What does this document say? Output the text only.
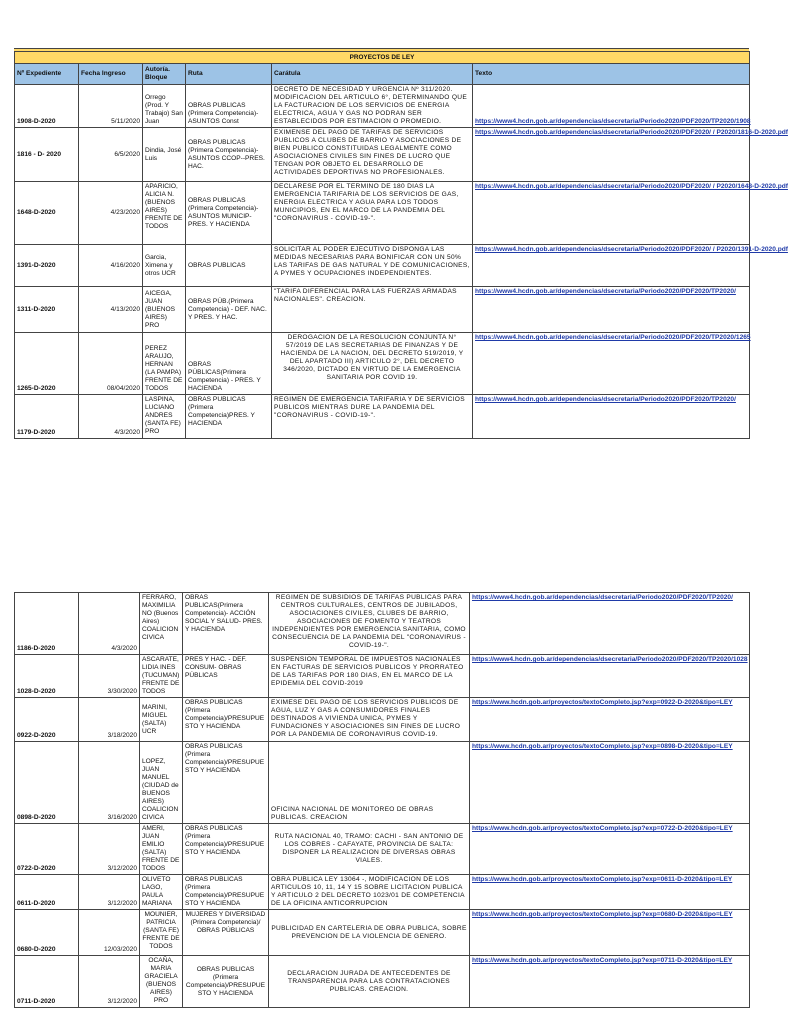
PROYECTOS DE LEY					
Nº Expediente	Fecha Ingreso	Autoría. Bloque	Ruta	Carátula	Texto
1908-D-2020	5/11/2020	Orrego (Prod. Y Trabajo) San Juan	OBRAS PUBLICAS (Primera Competencia)-ASUNTOS Const	DECRETO DE NECESIDAD Y URGENCIA Nº 311/2020. MODIFICACION DEL ARTICULO 6°, DETERMINANDO QUE LA FACTURACION DE LOS SERVICIOS DE ENERGIA ELECTRICA, AGUA Y GAS NO PODRAN SER ESTABLECIDOS POR ESTIMACION O PROMEDIO.	https://www4.hcdn.gob.ar/dependencias/dsecretaria/Periodo2020/PDF2020/TP2020/1908
1816 - D- 2020	6/5/2020	Dindia, José Luis	OBRAS PUBLICAS (Primera Competencia)-ASUNTOS CCOP--PRES. HAC.	EXIMENSE DEL PAGO DE TARIFAS DE SERVICIOS PUBLICOS A CLUBES DE BARRIO Y ASOCIACIONES DE BIEN PUBLICO CONSTITUIDAS LEGALMENTE COMO ASOCIACIONES CIVILES SIN FINES DE LUCRO QUE TENGAN POR OBJETO EL DESARROLLO DE ACTIVIDADES DEPORTIVAS NO PROFESIONALES.	https://www4.hcdn.gob.ar/dependencias/dsecretaria/Periodo2020/PDF2020/ / P2020/1816-D-2020.pdf
1648-D-2020	4/23/2020	APARICIO, ALICIA N. (BUENOS AIRES) FRENTE DE TODOS	OBRAS PUBLICAS (Primera Competencia)-ASUNTOS MUNICIP-PRES. Y HACIENDA	DECLARESE POR EL TERMINO DE 180 DIAS LA EMERGENCIA TARIFARIA DE LOS SERVICIOS DE GAS, ENERGIA ELECTRICA Y AGUA PARA LOS TODOS MUNICIPIOS, EN EL MARCO DE LA PANDEMIA DEL "CORONAVIRUS - COVID-19-".	https://www4.hcdn.gob.ar/dependencias/dsecretaria/Periodo2020/PDF2020/ / P2020/1648-D-2020.pdf
1391-D-2020	4/16/2020	Garcia, Ximena y otros UCR	OBRAS PUBLICAS	SOLICITAR AL PODER EJECUTIVO DISPONGA LAS MEDIDAS NECESARIAS PARA BONIFICAR CON UN 50% LAS TARIFAS DE GAS NATURAL Y DE COMUNICACIONES, A PYMES Y OCUPACIONES INDEPENDIENTES.	https://www4.hcdn.gob.ar/dependencias/dsecretaria/Periodo2020/PDF2020/ / P2020/1391-D-2020.pdf
1311-D-2020	4/13/2020	AICEGA, JUAN (BUENOS AIRES) PRO	OBRAS PÚB.(Primera Competencia) - DEF. NAC. Y PRES. Y HAC.	"TARIFA DIFERENCIAL PARA LAS FUERZAS ARMADAS NACIONALES". CREACION.	https://www4.hcdn.gob.ar/dependencias/dsecretaria/Periodo2020/PDF2020/TP2020/
1265-D-2020	08/04/2020	PEREZ ARAUJO, HERNAN (LA PAMPA) FRENTE DE TODOS	OBRAS PÚBLICAS(Primera Competencia) - PRES. Y HACIENDA	DEROGACION DE LA RESOLUCION CONJUNTA N° 57/2019 DE LAS SECRETARIAS DE FINANZAS Y DE HACIENDA DE LA NACION, DEL DECRETO 519/2019, Y DEL APARTADO III) ARTICULO 2°, DEL DECRETO 346/2020, DICTADO EN VIRTUD DE LA EMERGENCIA SANITARIA POR COVID 19.	https://www4.hcdn.gob.ar/dependencias/dsecretaria/Periodo2020/PDF2020/TP2020/1265
1179-D-2020	4/3/2020	LASPINA, LUCIANO ANDRES (SANTA FE) PRO	OBRAS PUBLICAS (Primera Competencia)PRES. Y HACIENDA	REGIMEN DE EMERGENCIA TARIFARIA Y DE SERVICIOS PUBLICOS MIENTRAS DURE LA PANDEMIA DEL "CORONAVIRUS - COVID-19-".	https://www4.hcdn.gob.ar/dependencias/dsecretaria/Periodo2020/PDF2020/TP2020/
1186-D-2020	4/3/2020	FERRARO, MAXIMILIANO (Buenos Aires) COALICION CIVICA	OBRAS PUBLICAS(Primera Competencia)- ACCIÓN SOCIAL Y SALUD- PRES. Y HACIENDA	REGIMEN DE SUBSIDIOS DE TARIFAS PUBLICAS PARA CENTROS CULTURALES, CENTROS DE JUBILADOS, ASOCIACIONES CIVILES, CLUBES DE BARRIO, ASOCIACIONES DE FOMENTO Y TEATROS INDEPENDIENTES POR EMERGENCIA SANITARIA, COMO CONSECUENCIA DE LA PANDEMIA DEL "CORONAVIRUS - COVID-19-".	https://www4.hcdn.gob.ar/dependencias/dsecretaria/Periodo2020/PDF2020/TP2020/
1028-D-2020	3/30/2020	ASCARATE, LIDIA INES (TUCUMAN) FRENTE DE TODOS	PRES Y HAC. - DEF. CONSUM- OBRAS PÚBLICAS	SUSPENSION TEMPORAL DE IMPUESTOS NACIONALES EN FACTURAS DE SERVICIOS PUBLICOS Y PRORRATEO DE LAS TARIFAS POR 180 DIAS, EN EL MARCO DE LA EPIDEMIA DEL COVID-2019	https://www4.hcdn.gob.ar/dependencias/dsecretaria/Periodo2020/PDF2020/TP2020/1028
0922-D-2020	3/18/2020	MARINI, MIGUEL (SALTA) UCR	OBRAS PUBLICAS (Primera Competencia)/PRESUPUESTO Y HACIENDA	EXIMESE DEL PAGO DE LOS SERVICIOS PUBLICOS DE AGUA, LUZ Y GAS A CONSUMIDORES FINALES DESTINADOS A VIVIENDA UNICA, PYMES Y FUNDACIONES Y ASOCIACIONES SIN FINES DE LUCRO POR LA PANDEMIA DE CORONAVIRUS COVID-19.	https://www.hcdn.gob.ar/proyectos/textoCompleto.jsp?exp=0922-D-2020&tipo=LEY
0898-D-2020	3/16/2020	LOPEZ, JUAN MANUEL (CIUDAD de BUENOS AIRES) COALICION CIVICA	OBRAS PUBLICAS (Primera Competencia)/PRESUPUESTO Y HACIENDA	OFICINA NACIONAL DE MONITOREO DE OBRAS PUBLICAS. CREACION	https://www.hcdn.gob.ar/proyectos/textoCompleto.jsp?exp=0898-D-2020&tipo=LEY
0722-D-2020	3/12/2020	AMERI, JUAN EMILIO (SALTA) FRENTE DE TODOS	OBRAS PUBLICAS (Primera Competencia)/PRESUPUESTO Y HACIENDA	RUTA NACIONAL 40, TRAMO: CACHI - SAN ANTONIO DE LOS COBRES - CAFAYATE, PROVINCIA DE SALTA: DISPONER LA REALIZACION DE DIVERSAS OBRAS VIALES.	https://www.hcdn.gob.ar/proyectos/textoCompleto.jsp?exp=0722-D-2020&tipo=LEY
0611-D-2020	3/12/2020	OLIVETO LAGO, PAULA MARIANA	OBRAS PUBLICAS (Primera Competencia)/PRESUPUESTO Y HACIENDA	OBRA PUBLICA LEY 13064 -, MODIFICACION DE LOS ARTICULOS 10, 11, 14 Y 15 SOBRE LICITACION PUBLICA Y ARTICULO 2 DEL DECRETO 1023/01 DE COMPETENCIA DE LA OFICINA ANTICORRUPCION	https://www.hcdn.gob.ar/proyectos/textoCompleto.jsp?exp=0611-D-2020&tipo=LEY
0680-D-2020	12/03/2020	MOUNIER, PATRICIA (SANTA FE) FRENTE DE TODOS	MUJERES Y DIVERSIDAD (Primera Competencia)/ OBRAS PÚBLICAS	PUBLICIDAD EN CARTELERIA DE OBRA PUBLICA, SOBRE PREVENCION DE LA VIOLENCIA DE GENERO.	https://www.hcdn.gob.ar/proyectos/textoCompleto.jsp?exp=0680-D-2020&tipo=LEY
0711-D-2020	3/12/2020	OCAÑA, MARIA GRACIELA (BUENOS AIRES) PRO	OBRAS PUBLICAS (Primera Competencia)/PRESUPUESTO Y HACIENDA	DECLARACION JURADA DE ANTECEDENTES DE TRANSPARENCIA PARA LAS CONTRATACIONES PUBLICAS. CREACION.	https://www.hcdn.gob.ar/proyectos/textoCompleto.jsp?exp=0711-D-2020&tipo=LEY
